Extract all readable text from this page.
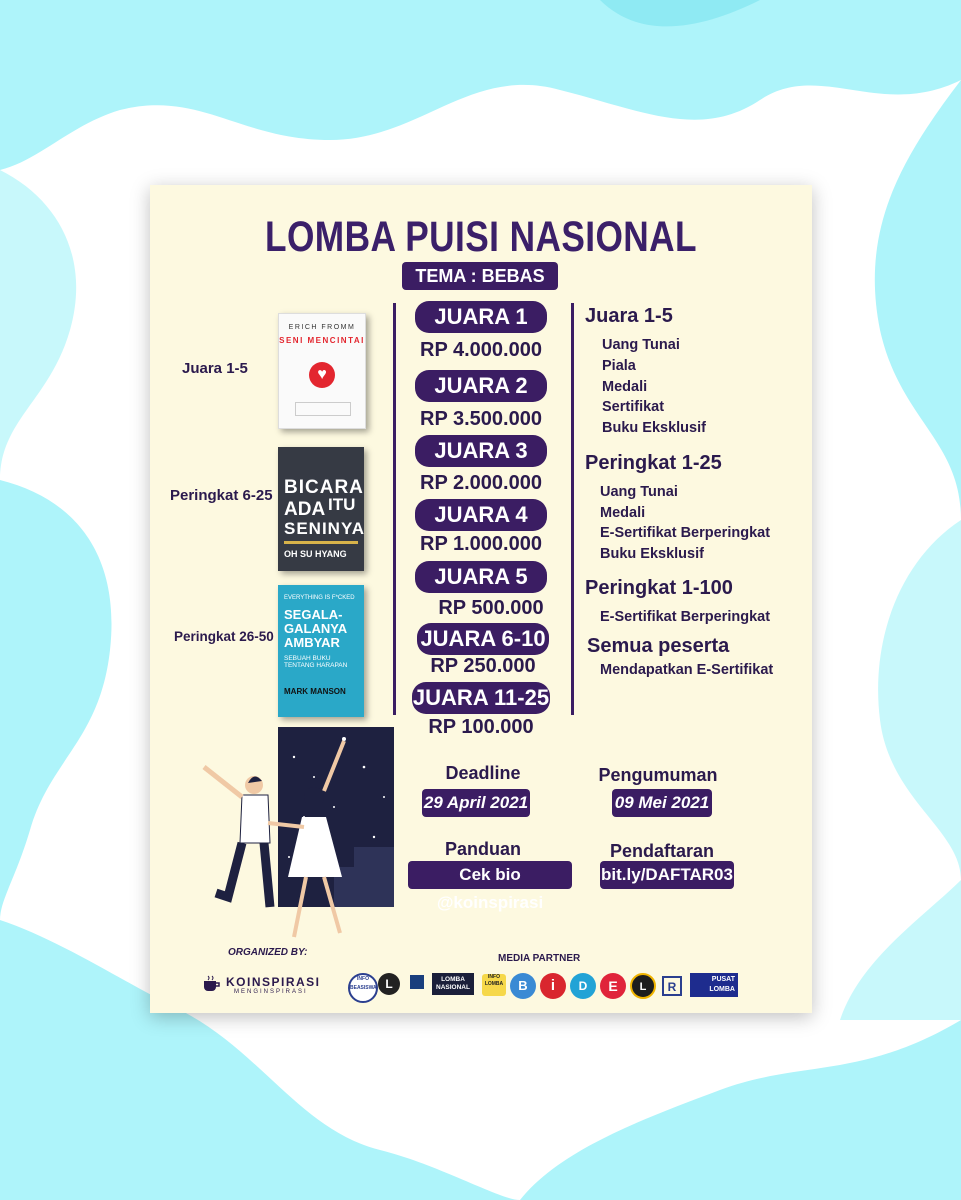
LOMBA PUISI NASIONAL
TEMA : BEBAS
Juara 1-5
Peringkat 6-25
Peringkat 26-50
ERICH FROMM
SENI MENCINTAI
♥
BICARA
ADA ITU
SENINYA
OH SU HYANG
EVERYTHING IS F*CKED
SEGALA-
GALANYA
AMBYAR
SEBUAH BUKU TENTANG HARAPAN
MARK MANSON
JUARA 1
RP 4.000.000
JUARA 2
RP 3.500.000
JUARA 3
RP 2.000.000
JUARA 4
RP 1.000.000
JUARA 5
RP 500.000
JUARA 6-10
RP 250.000
JUARA 11-25
RP 100.000
Juara 1-5
Uang Tunai
Piala
Medali
Sertifikat
Buku Eksklusif
Peringkat 1-25
Uang Tunai
Medali
E-Sertifikat Berperingkat
Buku Eksklusif
Peringkat 1-100
E-Sertifikat Berperingkat
Semua peserta
Mendapatkan E-Sertifikat
Deadline
29 April 2021
Pengumuman
09 Mei 2021
Panduan
Cek bio @koinspirasi
Pendaftaran
bit.ly/DAFTAR03
ORGANIZED BY:
KOINSPIRASI
MENGINSPIRASI
MEDIA PARTNER
INFO BEASISWA L	LOMBA NASIONAL
INFO LOMBA	B	i	D	E	L	R
PUSAT LOMBA
